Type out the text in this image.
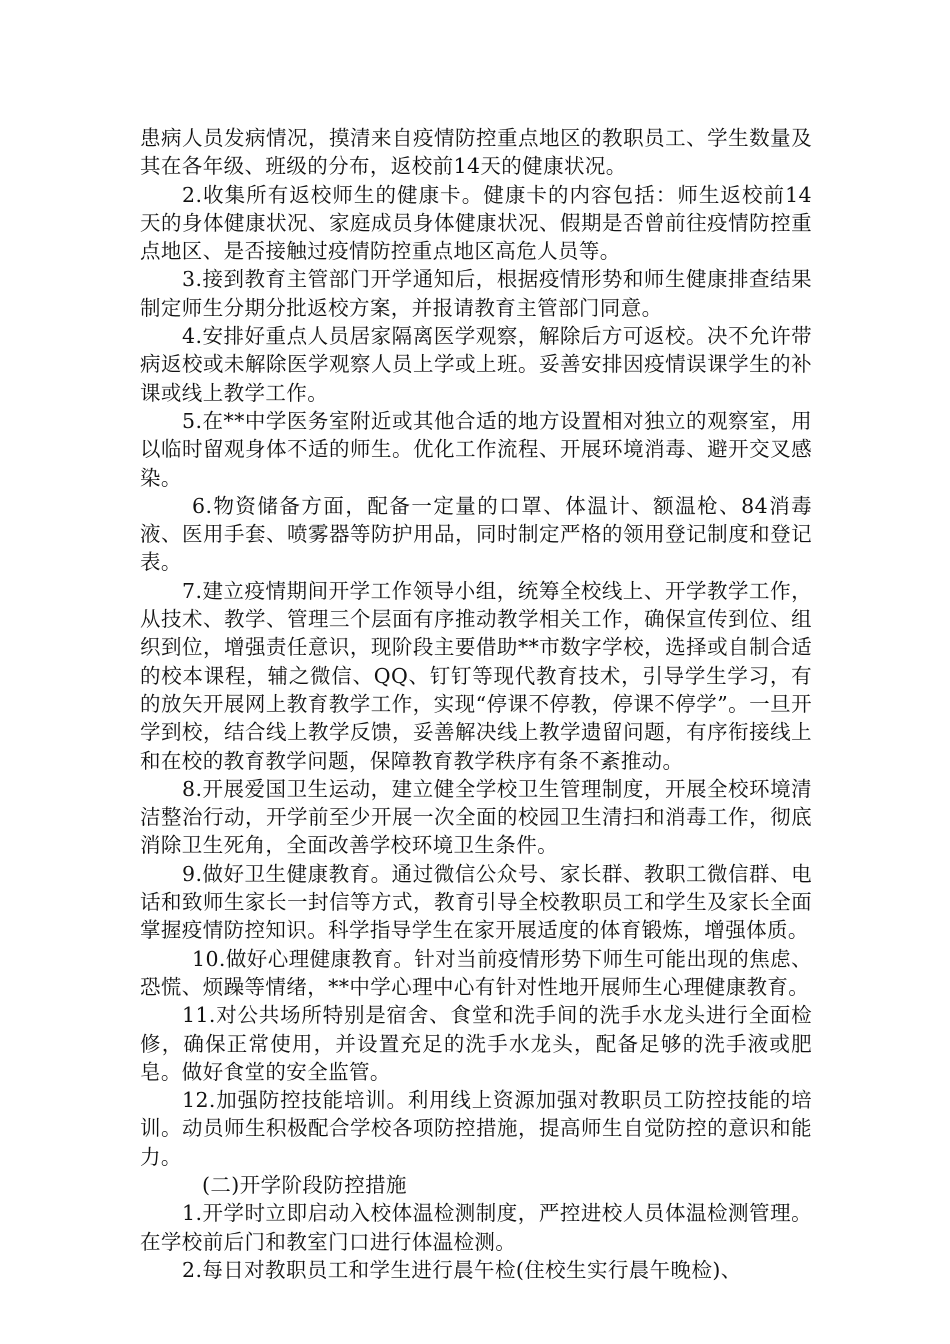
患病人员发病情况，摸清来自疫情防控重点地区的教职员工、学生数量及其在各年级、班级的分布，返校前14天的健康状况。

2.收集所有返校师生的健康卡。健康卡的内容包括：师生返校前14天的身体健康状况、家庭成员身体健康状况、假期是否曾前往疫情防控重点地区、是否接触过疫情防控重点地区高危人员等。

3.接到教育主管部门开学通知后，根据疫情形势和师生健康排查结果制定师生分期分批返校方案，并报请教育主管部门同意。

4.安排好重点人员居家隔离医学观察，解除后方可返校。决不允许带病返校或未解除医学观察人员上学或上班。妥善安排因疫情误课学生的补课或线上教学工作。

5.在**中学医务室附近或其他合适的地方设置相对独立的观察室，用以临时留观身体不适的师生。优化工作流程、开展环境消毒、避开交叉感染。

6.物资储备方面，配备一定量的口罩、体温计、额温枪、84消毒液、医用手套、喷雾器等防护用品，同时制定严格的领用登记制度和登记表。

7.建立疫情期间开学工作领导小组，统筹全校线上、开学教学工作， 从技术、教学、管理三个层面有序推动教学相关工作，确保宣传到位、组织到位，增强责任意识，现阶段主要借助**市数字学校，选择或自制合适的校本课程，辅之微信、QQ、钉钉等现代教育技术，引导学生学习，有的放矢开展网上教育教学工作，实现“停课不停教，停课不停学”。一旦开学到校，结合线上教学反馈，妥善解决线上教学遗留问题，有序衔接线上和在校的教育教学问题，保障教育教学秩序有条不紊推动。

8.开展爱国卫生运动，建立健全学校卫生管理制度，开展全校环境清洁整治行动，开学前至少开展一次全面的校园卫生清扫和消毒工作，彻底消除卫生死角，全面改善学校环境卫生条件。

9.做好卫生健康教育。通过微信公众号、家长群、教职工微信群、电话和致师生家长一封信等方式，教育引导全校教职员工和学生及家长全面掌握疫情防控知识。科学指导学生在家开展适度的体育锻炼，增强体质。

10.做好心理健康教育。针对当前疫情形势下师生可能出现的焦虑、恐慌、烦躁等情绪，**中学心理中心有针对性地开展师生心理健康教育。

11.对公共场所特别是宿舍、食堂和洗手间的洗手水龙头进行全面检修，确保正常使用，并设置充足的洗手水龙头，配备足够的洗手液或肥皂。做好食堂的安全监管。

12.加强防控技能培训。利用线上资源加强对教职员工防控技能的培训。动员师生积极配合学校各项防控措施，提高师生自觉防控的意识和能力。

(二)开学阶段防控措施

1.开学时立即启动入校体温检测制度，严控进校人员体温检测管理。在学校前后门和教室门口进行体温检测。

2.每日对教职员工和学生进行晨午检(住校生实行晨午晚检)、
